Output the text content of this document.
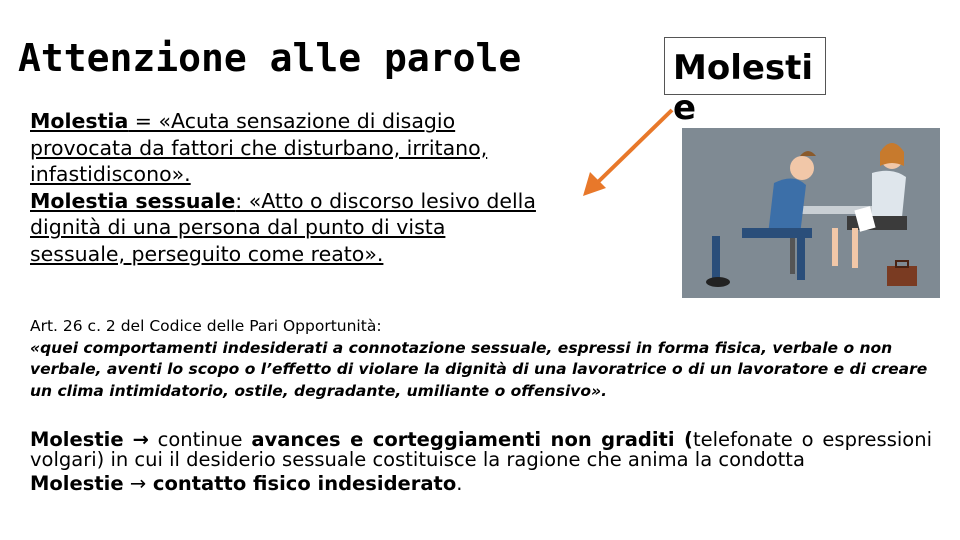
Attenzione alle parole

Molestia = «Acuta sensazione di disagio provocata da fattori che disturbano, irritano, infastidiscono».

Molestia sessuale: «Atto o discorso lesivo della dignità di una persona dal punto di vista sessuale, perseguito come reato».

Molesti
e

Art. 26 c. 2 del Codice delle Pari Opportunità:

«quei comportamenti indesiderati a connotazione sessuale, espressi in forma fisica, verbale o non verbale, aventi lo scopo o l’effetto di violare la dignità di una lavoratrice o di un lavoratore e di creare un clima intimidatorio, ostile, degradante, umiliante o offensivo».

Molestie → continue avances e corteggiamenti non graditi (telefonate o espressioni volgari) in cui il desiderio sessuale costituisce la ragione che anima la condotta

Molestie → contatto fisico indesiderato.
